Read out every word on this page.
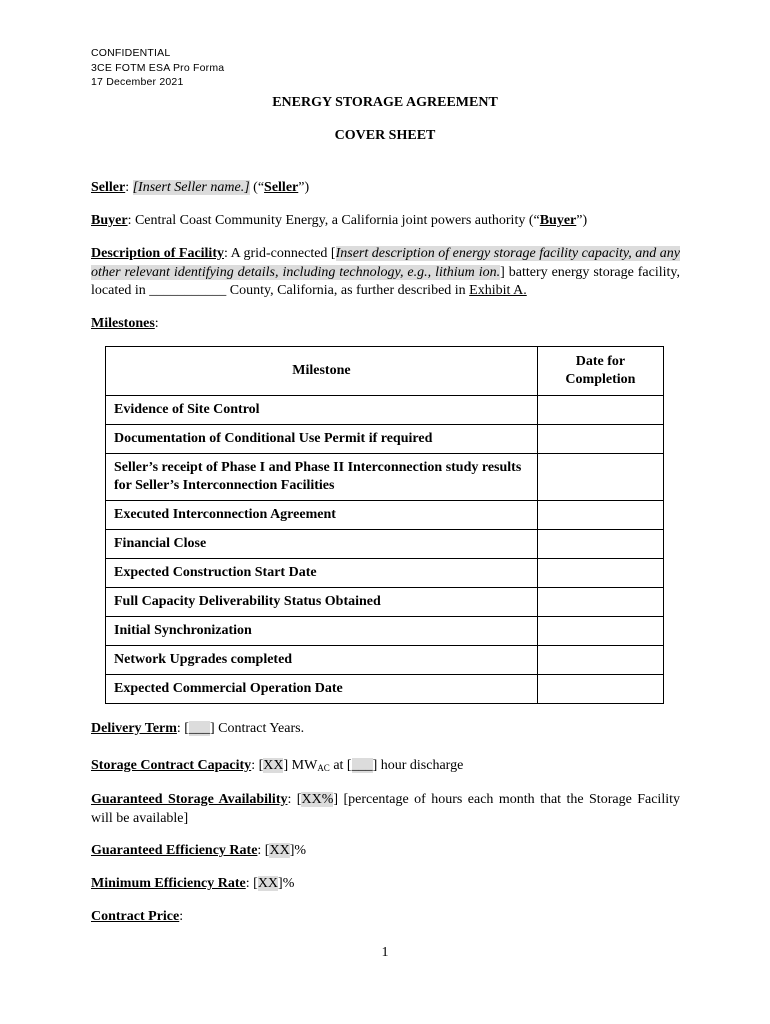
CONFIDENTIAL
3CE FOTM ESA Pro Forma
17 December 2021
ENERGY STORAGE AGREEMENT
COVER SHEET
Seller: [Insert Seller name.] (“Seller”)
Buyer: Central Coast Community Energy, a California joint powers authority (“Buyer”)
Description of Facility: A grid-connected [Insert description of energy storage facility capacity, and any other relevant identifying details, including technology, e.g., lithium ion.] battery energy storage facility, located in ___________ County, California, as further described in Exhibit A.
Milestones:
Milestone	Date for Completion
Evidence of Site Control	
Documentation of Conditional Use Permit if required	
Seller’s receipt of Phase I and Phase II Interconnection study results for Seller’s Interconnection Facilities	
Executed Interconnection Agreement	
Financial Close	
Expected Construction Start Date	
Full Capacity Deliverability Status Obtained	
Initial Synchronization	
Network Upgrades completed	
Expected Commercial Operation Date	
Delivery Term: [___] Contract Years.
Storage Contract Capacity: [XX] $MW_{AC}$ at [___] hour discharge
Guaranteed Storage Availability: [XX%] [percentage of hours each month that the Storage Facility will be available]
Guaranteed Efficiency Rate: [XX]%
Minimum Efficiency Rate: [XX]%
Contract Price:
1
